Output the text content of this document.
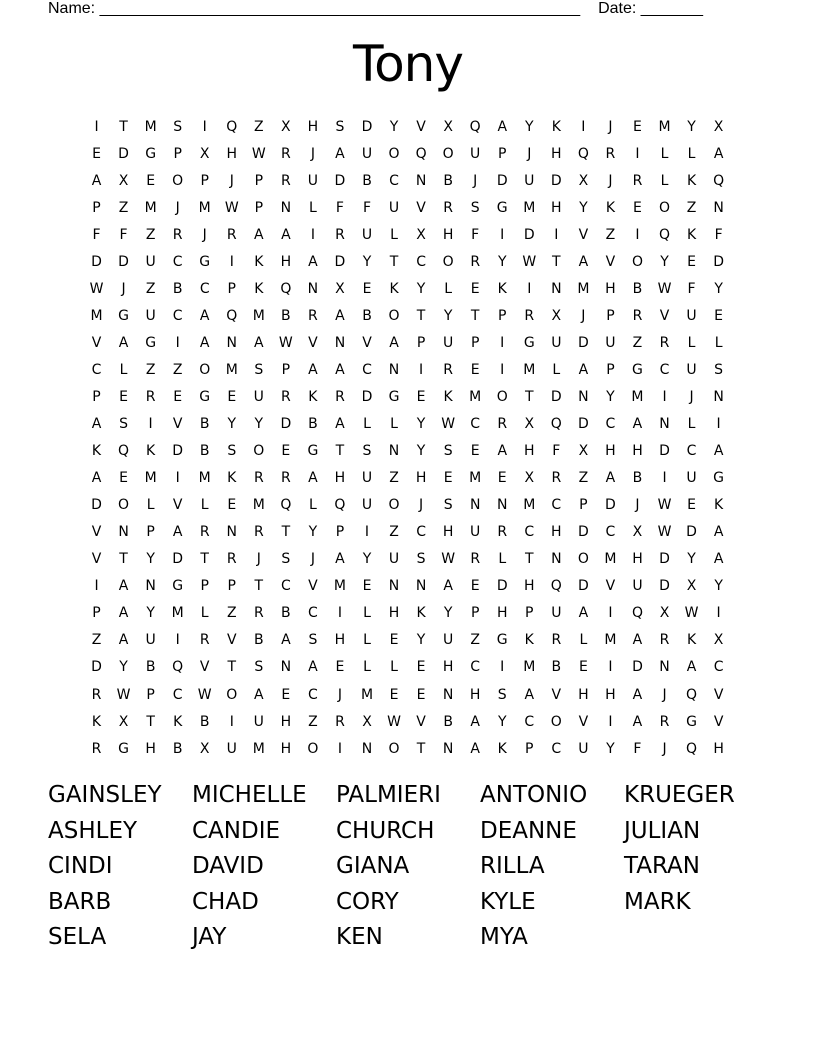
Name: ______________________________________________________ Date: _______
Tony
I	T	M	S	I	Q	Z	X	H	S	D	Y	V	X	Q	A	Y	K	I	J	E	M	Y	X
E	D	G	P	X	H	W	R	J	A	U	O	Q	O	U	P	J	H	Q	R	I	L	L	A
A	X	E	O	P	J	P	R	U	D	B	C	N	B	J	D	U	D	X	J	R	L	K	Q
P	Z	M	J	M	W	P	N	L	F	F	U	V	R	S	G	M	H	Y	K	E	O	Z	N
F	F	Z	R	J	R	A	A	I	R	U	L	X	H	F	I	D	I	V	Z	I	Q	K	F
D	D	U	C	G	I	K	H	A	D	Y	T	C	O	R	Y	W	T	A	V	O	Y	E	D
W	J	Z	B	C	P	K	Q	N	X	E	K	Y	L	E	K	I	N	M	H	B	W	F	Y
M	G	U	C	A	Q	M	B	R	A	B	O	T	Y	T	P	R	X	J	P	R	V	U	E
V	A	G	I	A	N	A	W	V	N	V	A	P	U	P	I	G	U	D	U	Z	R	L	L
C	L	Z	Z	O	M	S	P	A	A	C	N	I	R	E	I	M	L	A	P	G	C	U	S
P	E	R	E	G	E	U	R	K	R	D	G	E	K	M	O	T	D	N	Y	M	I	J	N
A	S	I	V	B	Y	Y	D	B	A	L	L	Y	W	C	R	X	Q	D	C	A	N	L	I
K	Q	K	D	B	S	O	E	G	T	S	N	Y	S	E	A	H	F	X	H	H	D	C	A
A	E	M	I	M	K	R	R	A	H	U	Z	H	E	M	E	X	R	Z	A	B	I	U	G
D	O	L	V	L	E	M	Q	L	Q	U	O	J	S	N	N	M	C	P	D	J	W	E	K
V	N	P	A	R	N	R	T	Y	P	I	Z	C	H	U	R	C	H	D	C	X	W	D	A
V	T	Y	D	T	R	J	S	J	A	Y	U	S	W	R	L	T	N	O	M	H	D	Y	A
I	A	N	G	P	P	T	C	V	M	E	N	N	A	E	D	H	Q	D	V	U	D	X	Y
P	A	Y	M	L	Z	R	B	C	I	L	H	K	Y	P	H	P	U	A	I	Q	X	W	I
Z	A	U	I	R	V	B	A	S	H	L	E	Y	U	Z	G	K	R	L	M	A	R	K	X
D	Y	B	Q	V	T	S	N	A	E	L	L	E	H	C	I	M	B	E	I	D	N	A	C
R	W	P	C	W	O	A	E	C	J	M	E	E	N	H	S	A	V	H	H	A	J	Q	V
K	X	T	K	B	I	U	H	Z	R	X	W	V	B	A	Y	C	O	V	I	A	R	G	V
R	G	H	B	X	U	M	H	O	I	N	O	T	N	A	K	P	C	U	Y	F	J	Q	H
GAINSLEY	MICHELLE	PALMIERI	ANTONIO	KRUEGER
ASHLEY	CANDIE	CHURCH	DEANNE	JULIAN
CINDI	DAVID	GIANA	RILLA	TARAN
BARB	CHAD	CORY	KYLE	MARK
SELA	JAY	KEN	MYA
